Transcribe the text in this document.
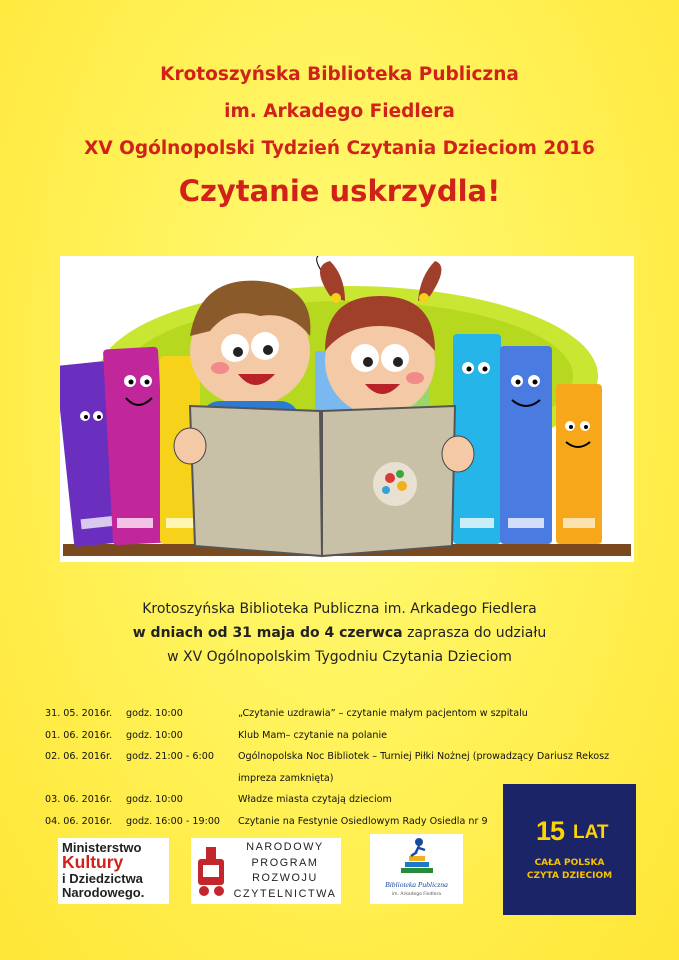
Krotoszyńska Biblioteka Publiczna
im. Arkadego Fiedlera
XV Ogólnopolski Tydzień Czytania Dzieciom 2016
Czytanie uskrzydla!
Krotoszyńska Biblioteka Publiczna im. Arkadego Fiedlera
w dniach od 31 maja do 4 czerwca zaprasza do udziału
w XV Ogólnopolskim Tygodniu Czytania Dzieciom
31. 05. 2016r. godz. 10:00	„Czytanie uzdrawia” – czytanie małym pacjentom w szpitalu
01. 06. 2016r. godz. 10:00	Klub Mam– czytanie na polanie
02. 06. 2016r. godz. 21:00 - 6:00	Ogólnopolska Noc Bibliotek – Turniej Piłki Nożnej (prowadzący Dariusz Rekosz
impreza zamknięta)
03. 06. 2016r. godz. 10:00	Władze miasta czytają dzieciom
04. 06. 2016r. godz. 16:00 - 19:00 Czytanie na Festynie Osiedlowym Rady Osiedla nr 9
Ministerstwo
Kultury
i Dziedzictwa
Narodowego.
NARODOWY PROGRAM ROZWOJU CZYTELNICTWA
Biblioteka Publiczna
im. Arkadego Fiedlera
15 LAT
CAŁA POLSKA
CZYTA DZIECIOM
